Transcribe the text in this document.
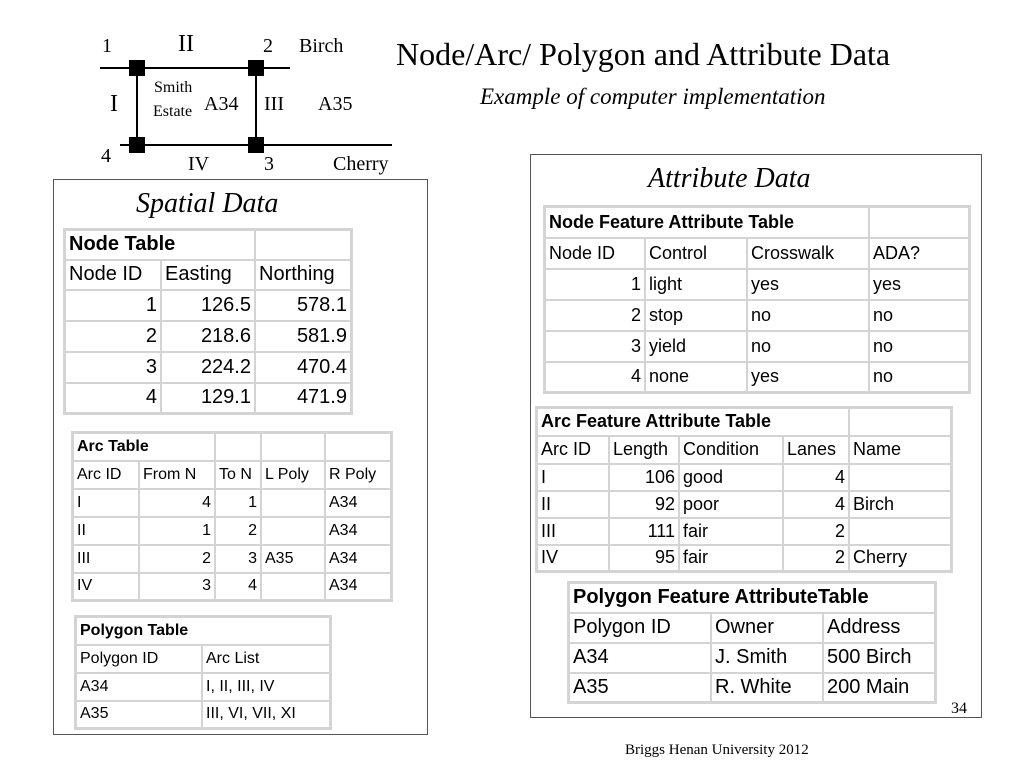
1	II	2 Birch
I
Smith
Estate A34 III A35
4	IV	3	Cherry
Node/Arc/ Polygon and Attribute Data
Example of computer implementation
Spatial Data
Node Table		
Node ID	Easting	Northing
1	126.5	578.1
2	218.6	581.9
3	224.2	470.4
4	129.1	471.9
Arc Table				
Arc ID	From N	To N	L Poly	R Poly
I	4	1		A34
II	1	2		A34
III	2	3	A35	A34
IV	3	4		A34
Polygon Table	
Polygon ID	Arc List
A34	I, II, III, IV
A35	III, VI, VII, XI
Attribute Data
Node Feature Attribute Table			
Node ID	Control	Crosswalk	ADA?
1	light	yes	yes
2	stop	no	no
3	yield	no	no
4	none	yes	no
Arc Feature Attribute Table				
Arc ID	Length	Condition	Lanes	Name
I	106	good	4	
II	92	poor	4	Birch
III	111	fair	2	
IV	95	fair	2	Cherry
Polygon Feature AttributeTable		
Polygon ID	Owner	Address
A34	J. Smith	500 Birch
A35	R. White	200 Main
34
Briggs Henan University 2012
